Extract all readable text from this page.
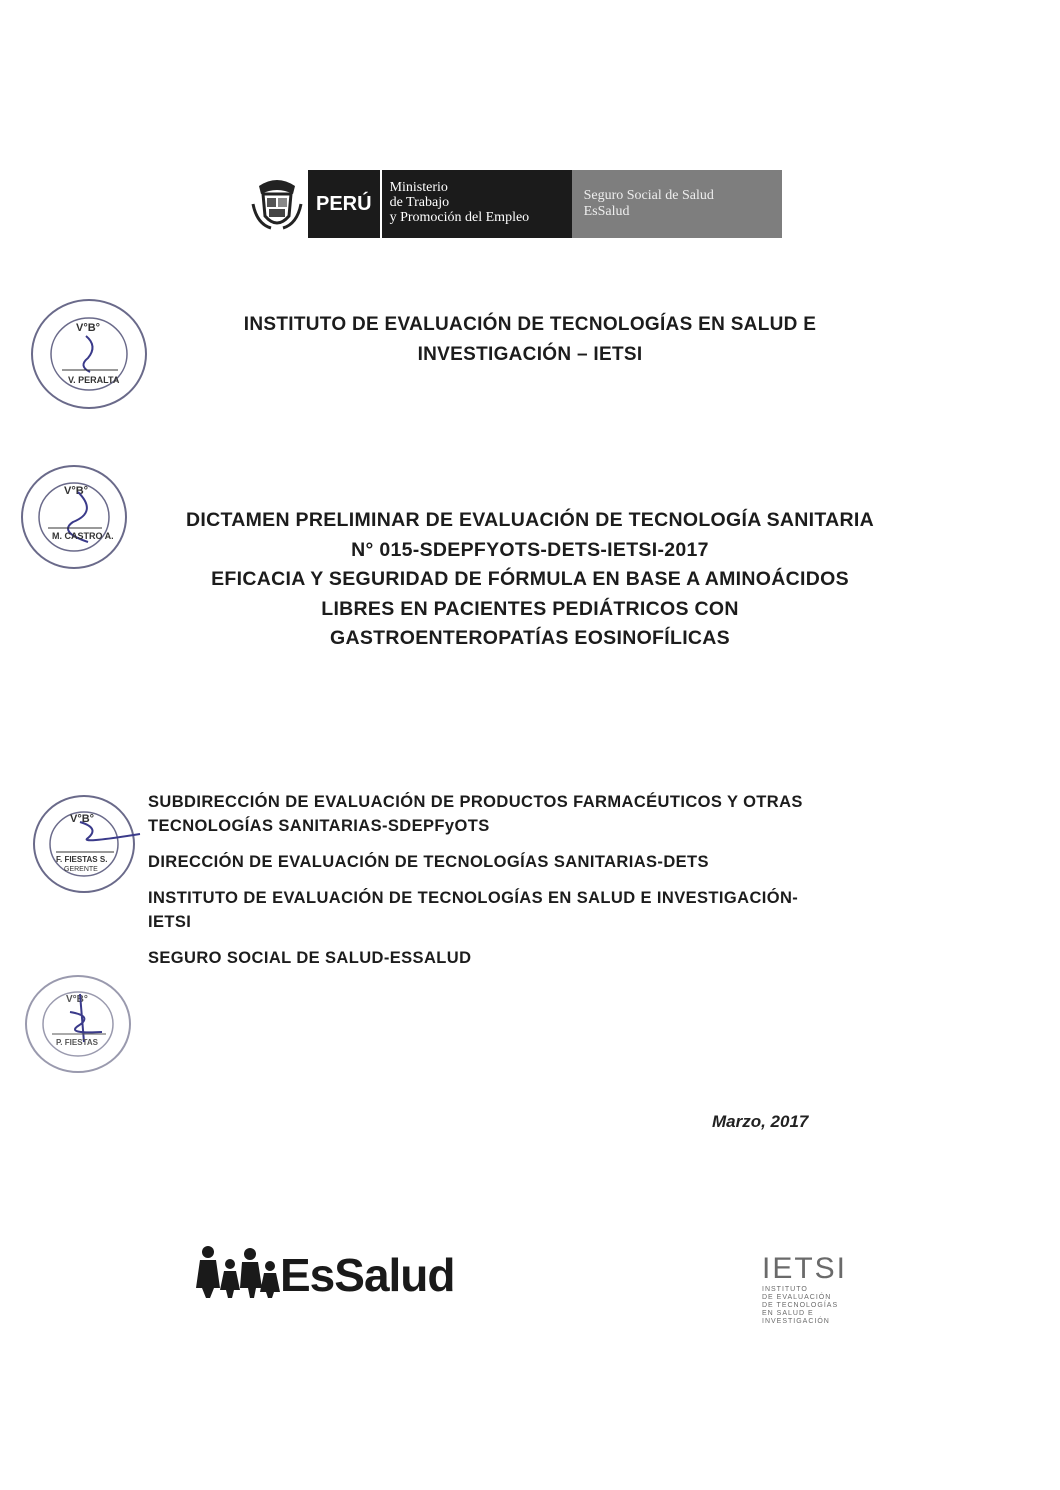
PERÚ
Ministerio
de Trabajo
y Promoción del Empleo
Seguro Social de Salud
EsSalud
INSTITUTO DE EVALUACIÓN DE TECNOLOGÍAS EN SALUD E
INVESTIGACIÓN – IETSI
DICTAMEN PRELIMINAR DE EVALUACIÓN DE TECNOLOGÍA SANITARIA
N° 015-SDEPFYOTS-DETS-IETSI-2017
EFICACIA Y SEGURIDAD DE FÓRMULA EN BASE A AMINOÁCIDOS
LIBRES EN PACIENTES PEDIÁTRICOS CON
GASTROENTEROPATÍAS EOSINOFÍLICAS

SUBDIRECCIÓN DE EVALUACIÓN DE PRODUCTOS FARMACÉUTICOS Y OTRAS
TECNOLOGÍAS SANITARIAS-SDEPFyOTS

DIRECCIÓN DE EVALUACIÓN DE TECNOLOGÍAS SANITARIAS-DETS

INSTITUTO DE EVALUACIÓN DE TECNOLOGÍAS EN SALUD E INVESTIGACIÓN-
IETSI

SEGURO SOCIAL DE SALUD-ESSALUD

Marzo, 2017
V°B°
V. PERALTA
V°B°
M. CASTRO A.
V°B°
F. FIESTAS S.
GERENTE
V°B°
P. FIESTAS
EsSalud	IETSI
INSTITUTO
DE EVALUACIÓN
DE TECNOLOGÍAS
EN SALUD E
INVESTIGACIÓN
